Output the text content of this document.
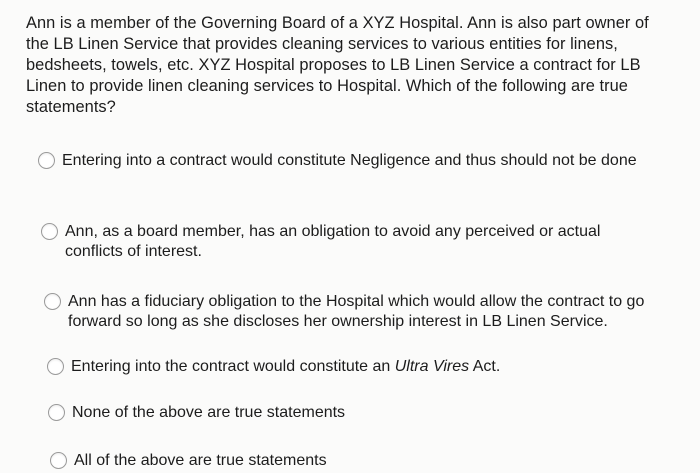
Ann is a member of the Governing Board of a XYZ Hospital. Ann is also part owner of the LB Linen Service that provides cleaning services to various entities for linens, bedsheets, towels, etc. XYZ Hospital proposes to LB Linen Service a contract for LB Linen to provide linen cleaning services to Hospital. Which of the following are true statements?

Entering into a contract would constitute Negligence and thus should not be done
Ann, as a board member, has an obligation to avoid any perceived or actual conflicts of interest.
Ann has a fiduciary obligation to the Hospital which would allow the contract to go forward so long as she discloses her ownership interest in LB Linen Service.
Entering into the contract would constitute an Ultra Vires Act.
None of the above are true statements
All of the above are true statements
